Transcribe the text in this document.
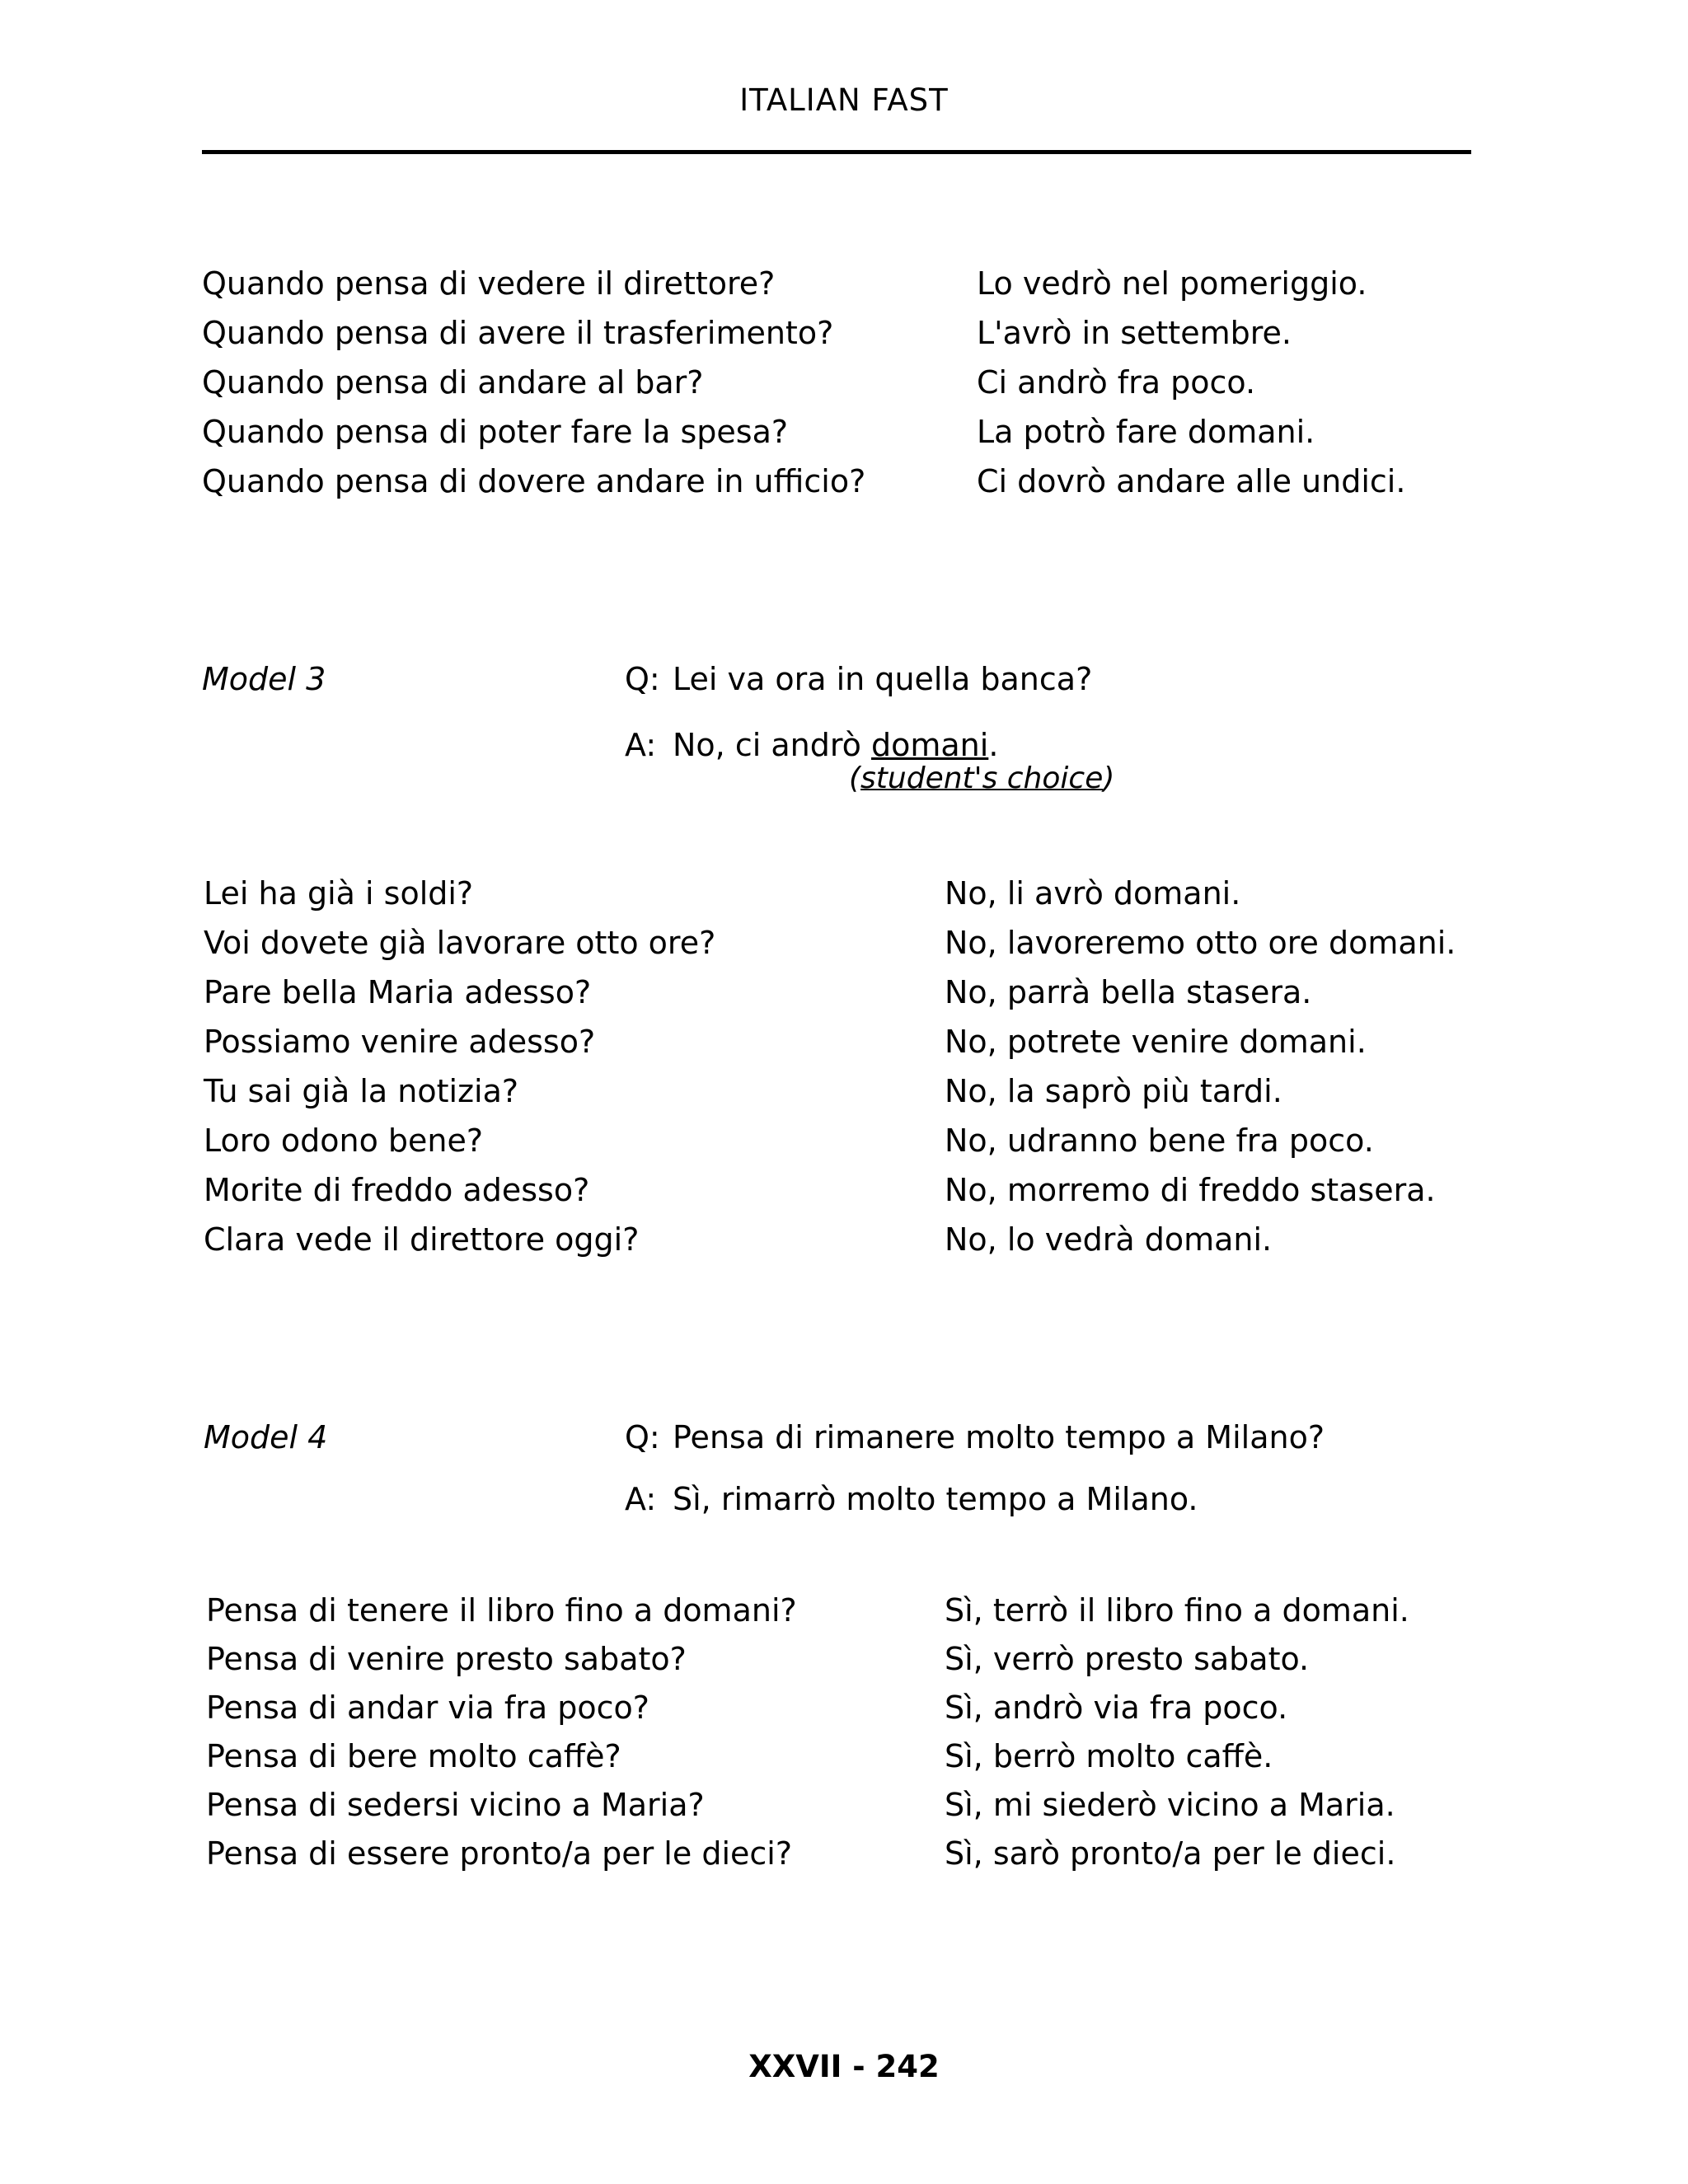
ITALIAN FAST
Quando pensa di vedere il direttore?	Lo vedrò nel pomeriggio.
Quando pensa di avere il trasferimento?	L'avrò in settembre.
Quando pensa di andare al bar?	Ci andrò fra poco.
Quando pensa di poter fare la spesa?	La potrò fare domani.
Quando pensa di dovere andare in ufficio?	Ci dovrò andare alle undici.
Model 3	Q: Lei va ora in quella banca?
A: No, ci andrò domani.
(student's choice)
Lei ha già i soldi?	No, li avrò domani.
Voi dovete già lavorare otto ore?	No, lavoreremo otto ore domani.
Pare bella Maria adesso?	No, parrà bella stasera.
Possiamo venire adesso?	No, potrete venire domani.
Tu sai già la notizia?	No, la saprò più tardi.
Loro odono bene?	No, udranno bene fra poco.
Morite di freddo adesso?	No, morremo di freddo stasera.
Clara vede il direttore oggi?	No, lo vedrà domani.
Model 4	Q: Pensa di rimanere molto tempo a Milano?
A: Sì, rimarrò molto tempo a Milano.
Pensa di tenere il libro fino a domani?	Sì, terrò il libro fino a domani.
Pensa di venire presto sabato?	Sì, verrò presto sabato.
Pensa di andar via fra poco?	Sì, andrò via fra poco.
Pensa di bere molto caffè?	Sì, berrò molto caffè.
Pensa di sedersi vicino a Maria?	Sì, mi siederò vicino a Maria.
Pensa di essere pronto/a per le dieci?	Sì, sarò pronto/a per le dieci.
XXVII - 242
